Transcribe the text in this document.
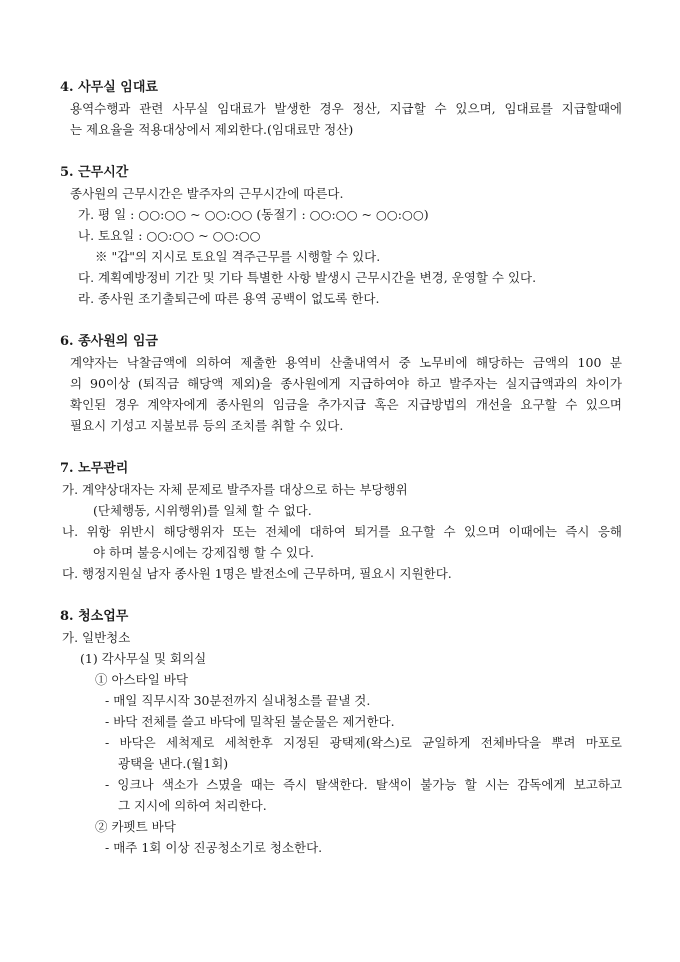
4. 사무실 임대료
용역수행과 관련 사무실 임대료가 발생한 경우 정산, 지급할 수 있으며, 임대료를 지급할때에
는 제요율을 적용대상에서 제외한다.(임대료만 정산)
5. 근무시간
종사원의 근무시간은 발주자의 근무시간에 따른다.
가. 평 일 : ○○:○○ ~ ○○:○○ (동절기 : ○○:○○ ~ ○○:○○)
나. 토요일 : ○○:○○ ~ ○○:○○
※ "갑"의 지시로 토요일 격주근무를 시행할 수 있다.
다. 계획예방정비 기간 및 기타 특별한 사항 발생시 근무시간을 변경, 운영할 수 있다.
라. 종사원 조기출퇴근에 따른 용역 공백이 없도록 한다.
6. 종사원의 임금
계약자는 낙찰금액에 의하여 제출한 용역비 산출내역서 중 노무비에 해당하는 금액의 100 분
의 90이상 (퇴직금 해당액 제외)을 종사원에게 지급하여야 하고 발주자는 실지급액과의 차이가
확인된 경우 계약자에게 종사원의 임금을 추가지급 혹은 지급방법의 개선을 요구할 수 있으며
필요시 기성고 지불보류 등의 조치를 취할 수 있다.
7. 노무관리
가. 계약상대자는 자체 문제로 발주자를 대상으로 하는 부당행위
(단체행동, 시위행위)를 일체 할 수 없다.
나. 위항 위반시 해당행위자 또는 전체에 대하여 퇴거를 요구할 수 있으며 이때에는 즉시 응해
야 하며 불응시에는 강제집행 할 수 있다.
다. 행정지원실 남자 종사원 1명은 발전소에 근무하며, 필요시 지원한다.
8. 청소업무
가. 일반청소
(1) 각사무실 및 회의실
① 아스타일 바닥
- 매일 직무시작 30분전까지 실내청소를 끝낼 것.
- 바닥 전체를 쓸고 바닥에 밀착된 불순물은 제거한다.
- 바닥은 세척제로 세척한후 지정된 광택제(왁스)로 균일하게 전체바닥을 뿌려 마포로
광택을 낸다.(월1회)
- 잉크나 색소가 스몄을 때는 즉시 탈색한다. 탈색이 불가능 할 시는 감독에게 보고하고
그 지시에 의하여 처리한다.
② 카펫트 바닥
- 매주 1회 이상 진공청소기로 청소한다.
